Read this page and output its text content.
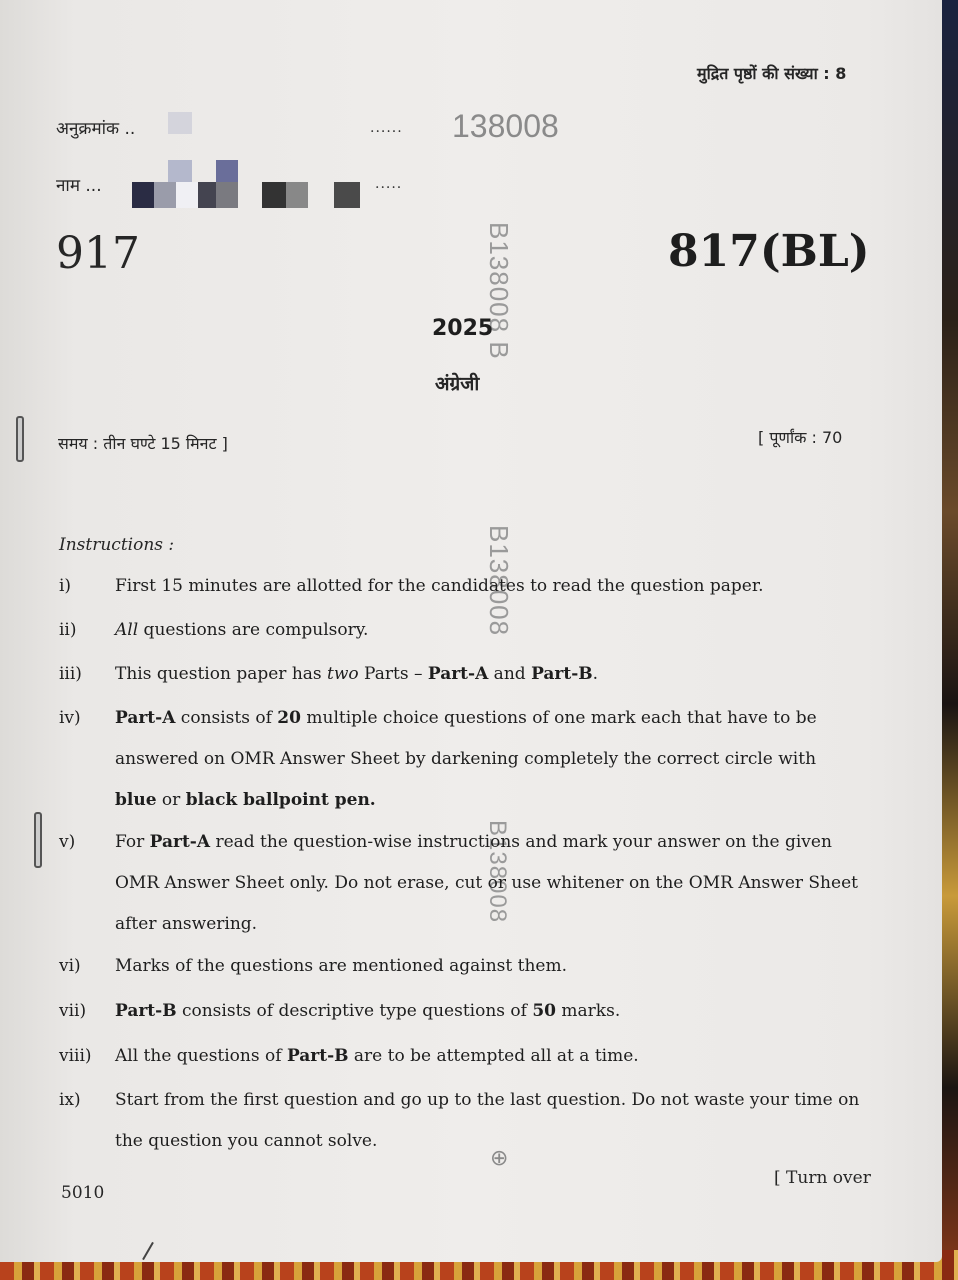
मुद्रित पृष्ठों की संख्या : 8
अनुक्रमांक ..	...... 138008
नाम ...	.....
917	817(BL)
B138008 B
B138008
B138008
2025
अंग्रेजी
समय : तीन घण्टे 15 मिनट ]	[ पूर्णांक : 70
Instructions :
i)	First 15 minutes are allotted for the candidates to read the question paper.
ii)	All questions are compulsory.
iii)	This question paper has two Parts – Part-A and Part-B.
iv)	Part-A consists of 20 multiple choice questions of one mark each that have to be answered on OMR Answer Sheet by darkening completely the correct circle with blue or black ballpoint pen.
v)	For Part-A read the question-wise instructions and mark your answer on the given OMR Answer Sheet only. Do not erase, cut or use whitener on the OMR Answer Sheet after answering.
vi)	Marks of the questions are mentioned against them.
vii)	Part-B consists of descriptive type questions of 50 marks.
viii)	All the questions of Part-B are to be attempted all at a time.
ix)	Start from the first question and go up to the last question. Do not waste your time on the question you cannot solve.
⊕
[ Turn over
5010
